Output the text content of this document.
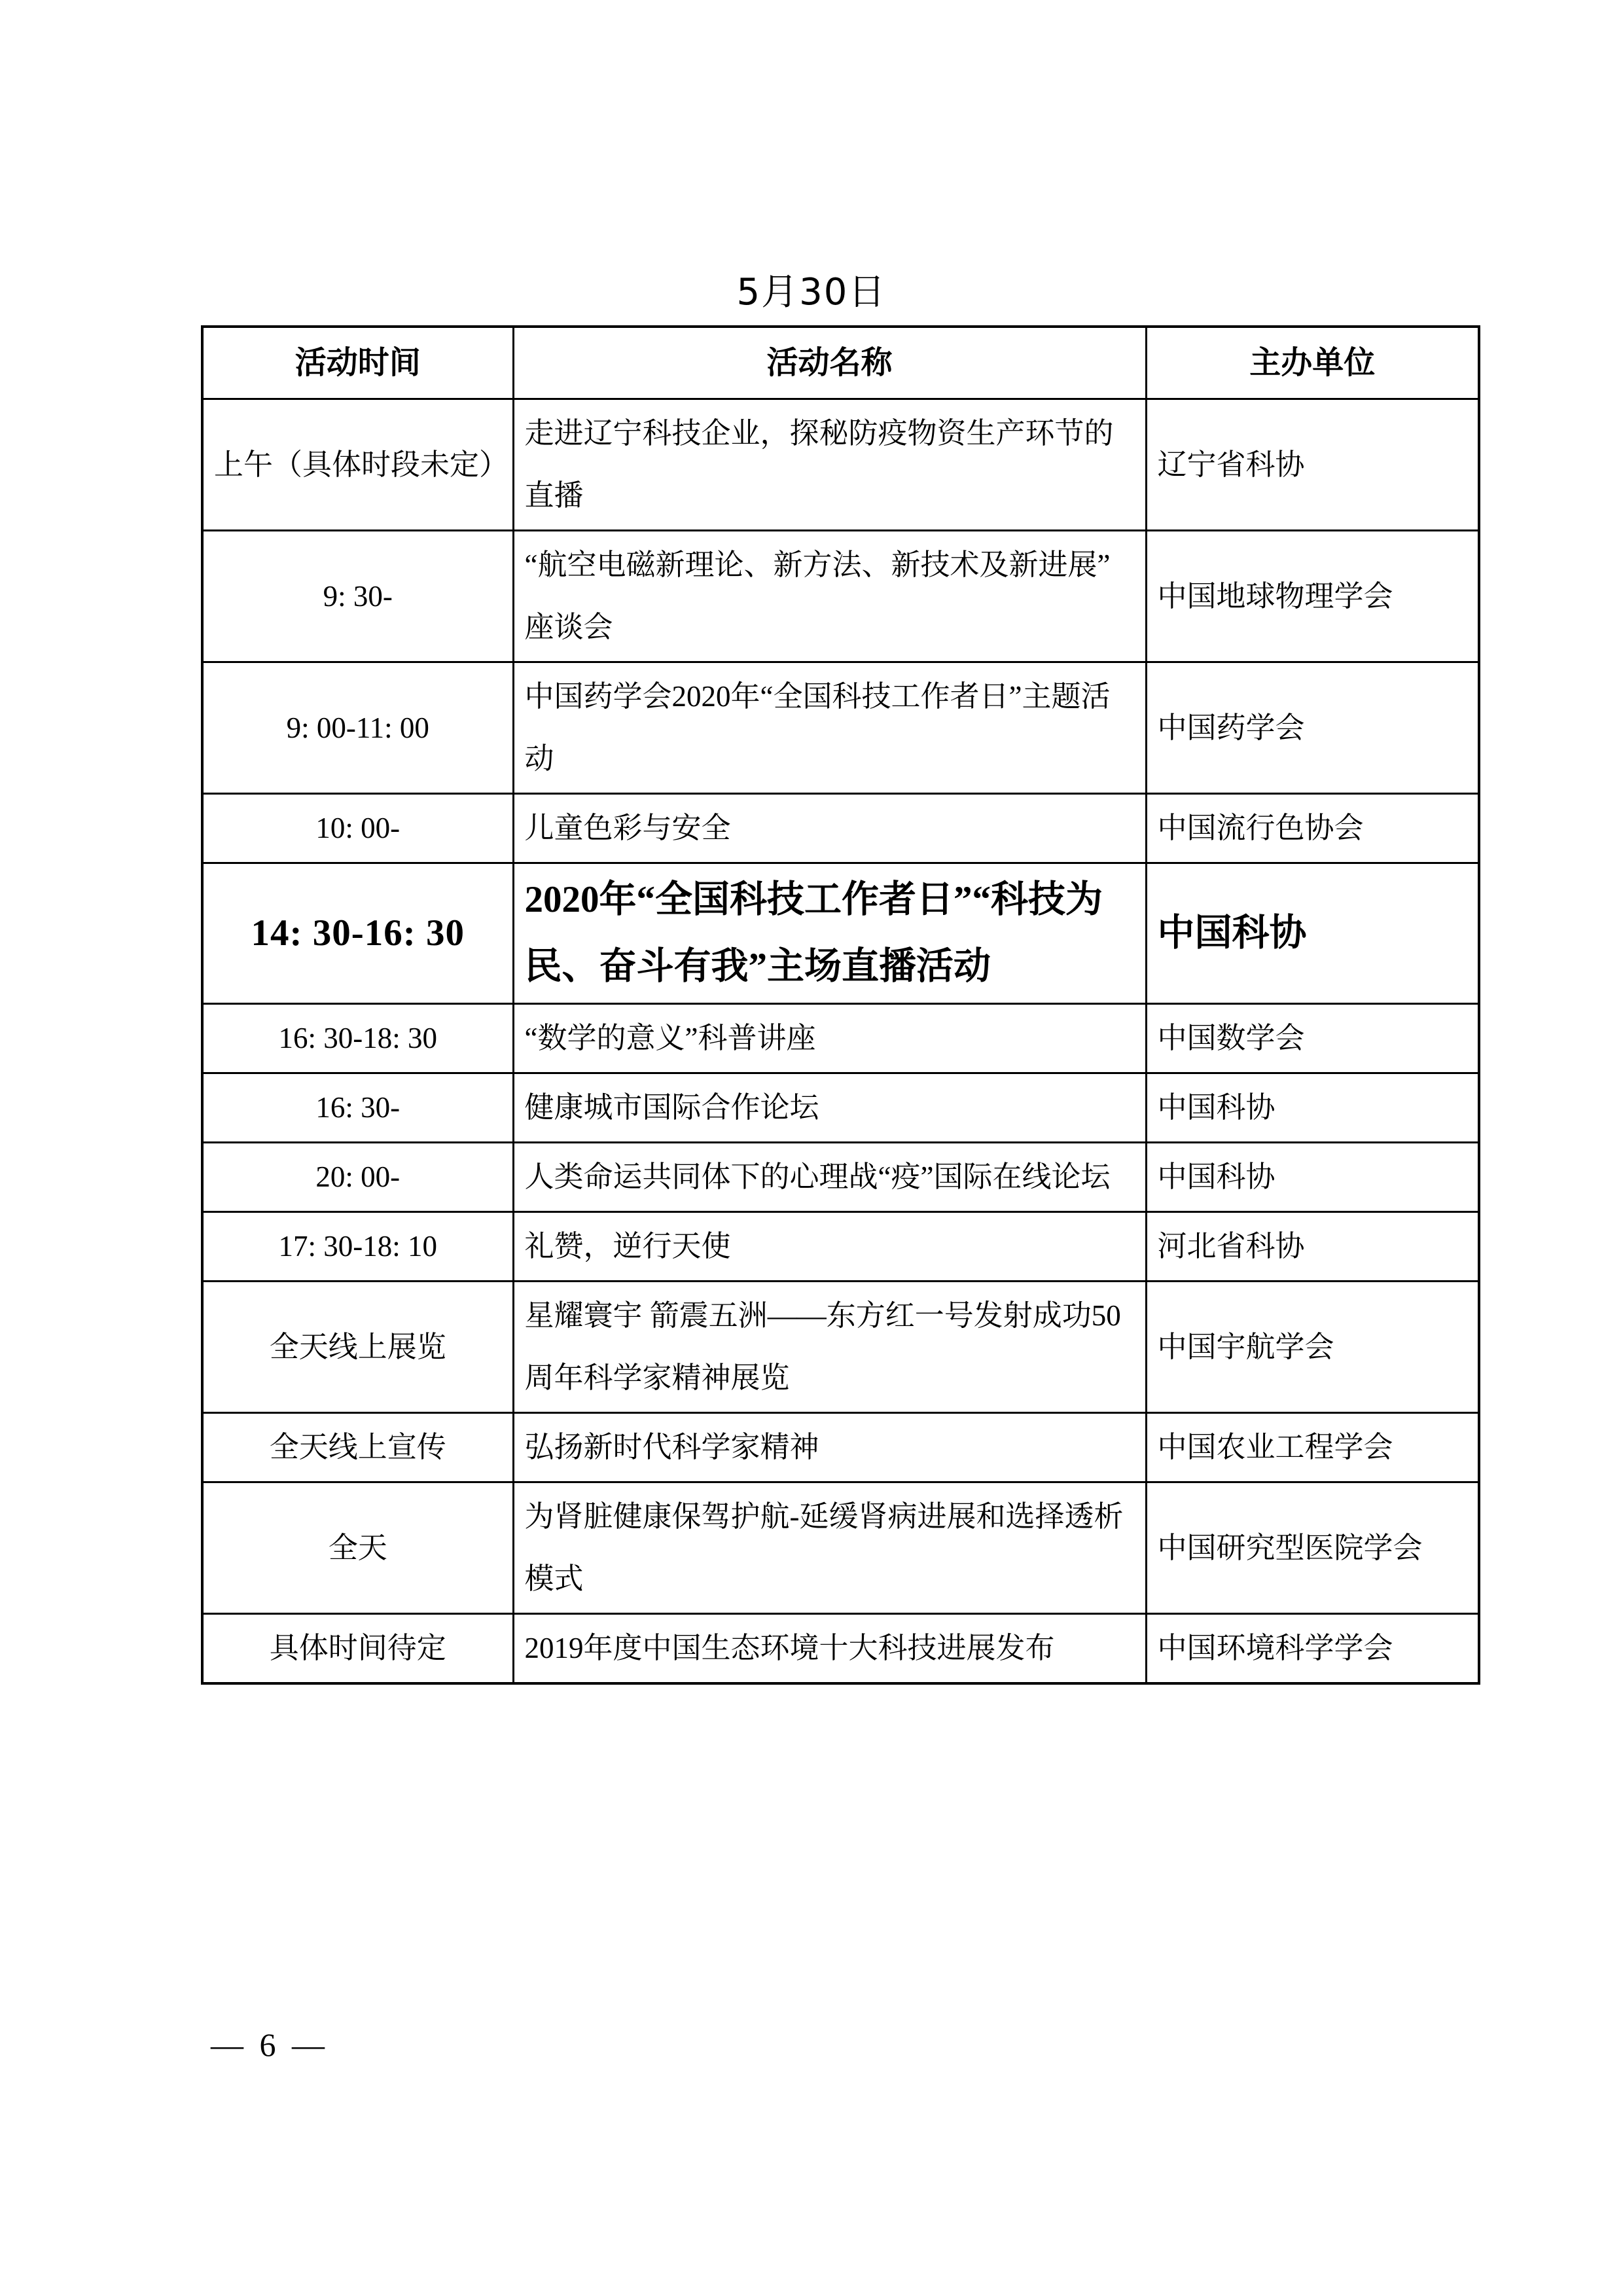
5月30日
活动时间	活动名称	主办单位
上午（具体时段未定）	走进辽宁科技企业，探秘防疫物资生产环节的直播	辽宁省科协
9: 30-	“航空电磁新理论、新方法、新技术及新进展”座谈会	中国地球物理学会
9: 00-11: 00	中国药学会2020年“全国科技工作者日”主题活动	中国药学会
10: 00-	儿童色彩与安全	中国流行色协会
14: 30-16: 30	2020年“全国科技工作者日”“科技为民、奋斗有我”主场直播活动	中国科协
16: 30-18: 30	“数学的意义”科普讲座	中国数学会
16: 30-	健康城市国际合作论坛	中国科协
20: 00-	人类命运共同体下的心理战“疫”国际在线论坛	中国科协
17: 30-18: 10	礼赞，逆行天使	河北省科协
全天线上展览	星耀寰宇 箭震五洲——东方红一号发射成功50周年科学家精神展览	中国宇航学会
全天线上宣传	弘扬新时代科学家精神	中国农业工程学会
全天	为肾脏健康保驾护航-延缓肾病进展和选择透析模式	中国研究型医院学会
具体时间待定	2019年度中国生态环境十大科技进展发布	中国环境科学学会
— 6 —
